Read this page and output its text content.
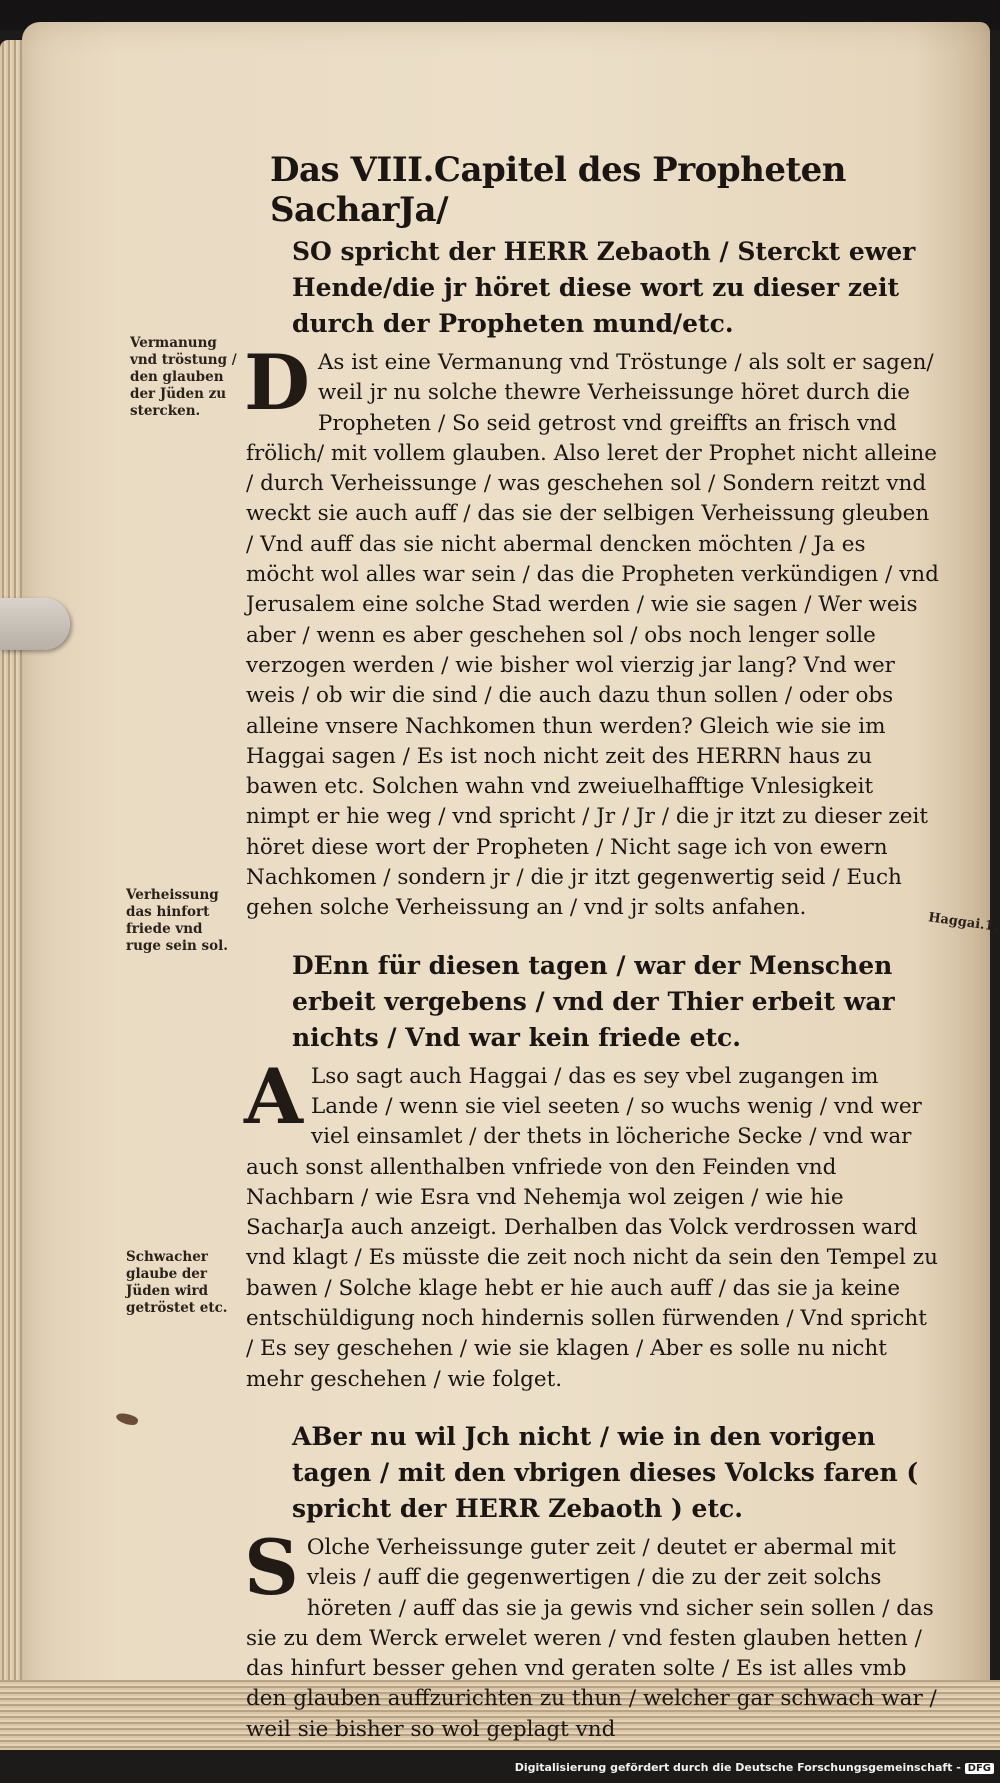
Vermanung vnd tröstung / den glauben der Jüden zu stercken.
Verheissung das hinfort friede vnd ruge sein sol.
Schwacher glaube der Jüden wird getröstet etc.
Haggai.1.
Das VIII.Capitel des Propheten SacharJa/

SO spricht der HERR Zebaoth / Sterckt ewer Hende/die jr höret diese wort zu dieser zeit durch der Propheten mund/etc.

D As ist eine Vermanung vnd Tröstunge / als solt er sagen/ weil jr nu solche thewre Verheissunge höret durch die Propheten / So seid getrost vnd greiffts an frisch vnd frölich/ mit vollem glauben. Also leret der Prophet nicht alleine / durch Verheissunge / was geschehen sol / Sondern reitzt vnd weckt sie auch auff / das sie der selbigen Verheissung gleuben / Vnd auff das sie nicht abermal dencken möchten / Ja es möcht wol alles war sein / das die Propheten verkündigen / vnd Jerusalem eine solche Stad werden / wie sie sagen / Wer weis aber / wenn es aber geschehen sol / obs noch lenger solle verzogen werden / wie bisher wol vierzig jar lang? Vnd wer weis / ob wir die sind / die auch dazu thun sollen / oder obs alleine vnsere Nachkomen thun werden? Gleich wie sie im Haggai sagen / Es ist noch nicht zeit des HERRN haus zu bawen etc. Solchen wahn vnd zweiuelhafftige Vnlesigkeit nimpt er hie weg / vnd spricht / Jr / Jr / die jr itzt zu dieser zeit höret diese wort der Propheten / Nicht sage ich von ewern Nachkomen / sondern jr / die jr itzt gegenwertig seid / Euch gehen solche Verheissung an / vnd jr solts anfahen.

DEnn für diesen tagen / war der Menschen erbeit vergebens / vnd der Thier erbeit war nichts / Vnd war kein friede etc.

A Lso sagt auch Haggai / das es sey vbel zugangen im Lande / wenn sie viel seeten / so wuchs wenig / vnd wer viel einsamlet / der thets in löcheriche Secke / vnd war auch sonst allenthalben vnfriede von den Feinden vnd Nachbarn / wie Esra vnd Nehemja wol zeigen / wie hie SacharJa auch anzeigt. Derhalben das Volck verdrossen ward vnd klagt / Es müsste die zeit noch nicht da sein den Tempel zu bawen / Solche klage hebt er hie auch auff / das sie ja keine entschüldigung noch hindernis sollen fürwenden / Vnd spricht / Es sey geschehen / wie sie klagen / Aber es solle nu nicht mehr geschehen / wie folget.

ABer nu wil Jch nicht / wie in den vorigen tagen / mit den vbrigen dieses Volcks faren ( spricht der HERR Zebaoth ) etc.

S Olche Verheissunge guter zeit / deutet er abermal mit vleis / auff die gegenwertigen / die zu der zeit solchs höreten / auff das sie ja gewis vnd sicher sein sollen / das sie zu dem Werck erwelet weren / vnd festen glauben hetten / das hinfurt besser gehen vnd geraten solte / Es ist alles vmb den glauben auffzurichten zu thun / welcher gar schwach war / weil sie bisher so wol geplagt vnd
Digitalisierung gefördert durch die Deutsche Forschungsgemeinschaft - DFG
